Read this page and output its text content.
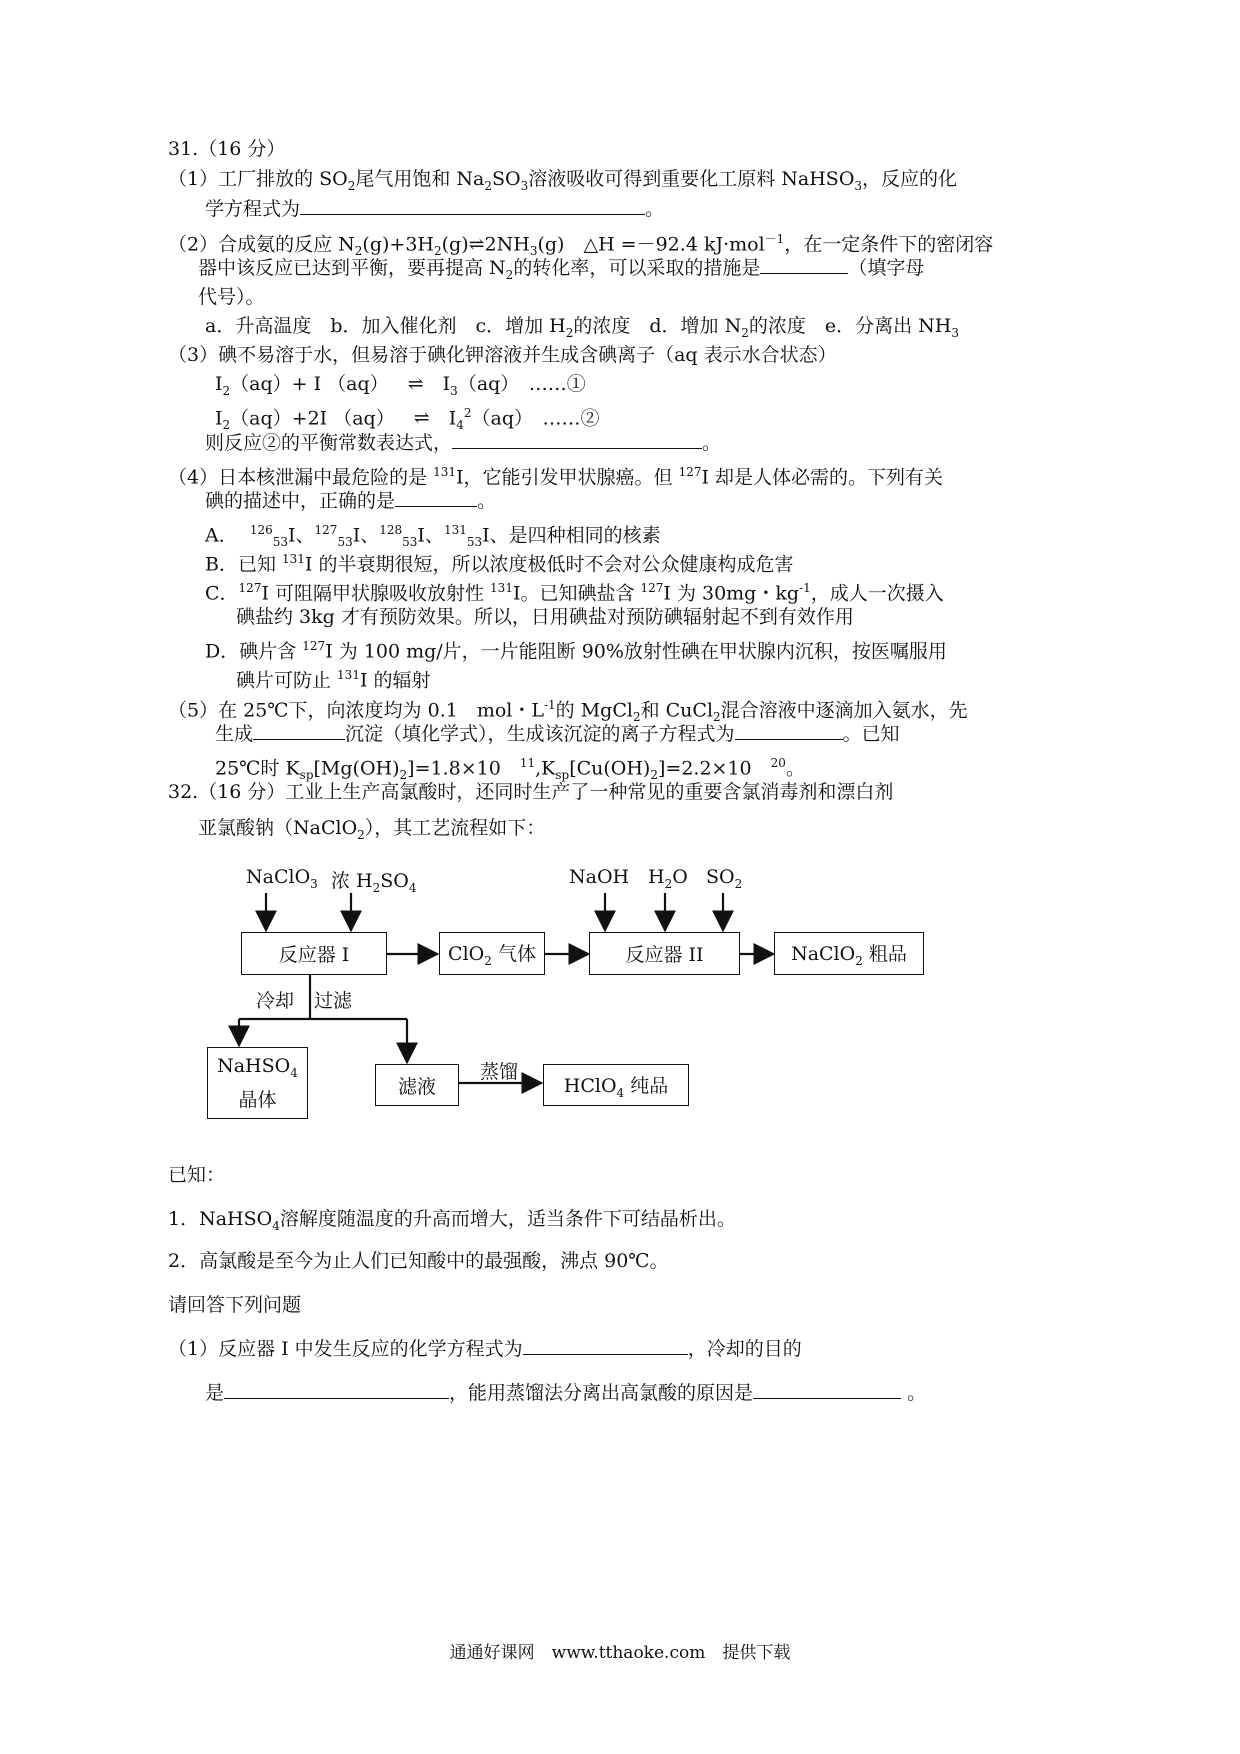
31.（16 分）
（1）工厂排放的 $SO_2$尾气用饱和 $Na_2SO_3$溶液吸收可得到重要化工原料 NaHSO$_3$，反应的化
学方程式为	。
（2）合成氨的反应 $N_2(g)+3H_2(g)\rightleftharpoons 2NH_3(g)$　△H =－92.4 kJ·mol$^{-1}$，在一定条件下的密闭容
器中该反应已达到平衡，要再提高 $N_2$的转化率，可以采取的措施是	（填字母
代号）。
a．升高温度　b．加入催化剂　c．增加 $H_2$的浓度　d．增加 $N_2$的浓度　e．分离出 $NH_3$
（3）碘不易溶于水，但易溶于碘化钾溶液并生成含碘离子（aq 表示水合状态）
$I_2(aq)+ I$ （aq） ⇌ $I_3(aq)$　……①
$I_2(aq)+2I$ （aq） ⇌ $I_4^2(aq)$　……②
则反应②的平衡常数表达式，	。
（4）日本核泄漏中最危险的是 $^{131}$I，它能引发甲状腺癌。但 $^{127}$I 却是人体必需的。下列有关
碘的描述中，正确的是	。
A． $^{126}_{53}$I、$^{127}_{53}$I、$^{128}_{53}$I、$^{131}_{53}$I、是四种相同的核素
B．已知 $^{131}$I 的半衰期很短，所以浓度极低时不会对公众健康构成危害
C．$^{127}$I 可阻隔甲状腺吸收放射性 $^{131}$I。已知碘盐含 $^{127}$I 为 30mg・$kg^{-1}$，成人一次摄入
碘盐约 3kg 才有预防效果。所以，日用碘盐对预防碘辐射起不到有效作用
D．碘片含 $^{127}$I 为 100 mg/片，一片能阻断 90%放射性碘在甲状腺内沉积，按医嘱服用
碘片可防止 $^{131}$I 的辐射
（5）在 25℃下，向浓度均为 0.1　mol・$L^{-1}$的 MgCl$_2$和 CuCl$_2$混合溶液中逐滴加入氨水，先
生成	沉淀（填化学式），生成该沉淀的离子方程式为	。已知
25℃时 $K_{sp}[Mg(OH)_2]=1.8\times 10$　$^{11},K_{sp}[Cu(OH)_2]=2.2\times 10$　$^{20}$。
32.（16 分）工业上生产高氯酸时，还同时生产了一种常见的重要含氯消毒剂和漂白剂
亚氯酸钠（NaClO$_2$），其工艺流程如下：
NaClO$_3$ 浓 $H_2SO_4$	NaOH $H_2O$ $SO_2$
反应器 I	ClO$_2$ 气体	反应器 II	NaClO$_2$ 粗品
冷却 过滤
NaHSO$_4$
晶体
滤液
蒸馏
HClO$_4$ 纯品
已知：
1．NaHSO$_4$溶解度随温度的升高而增大，适当条件下可结晶析出。
2．高氯酸是至今为止人们已知酸中的最强酸，沸点 90℃。
请回答下列问题
（1）反应器 I 中发生反应的化学方程式为	，冷却的目的
是	，能用蒸馏法分离出高氯酸的原因是	。
通通好课网　www.tthaoke.com　提供下载
